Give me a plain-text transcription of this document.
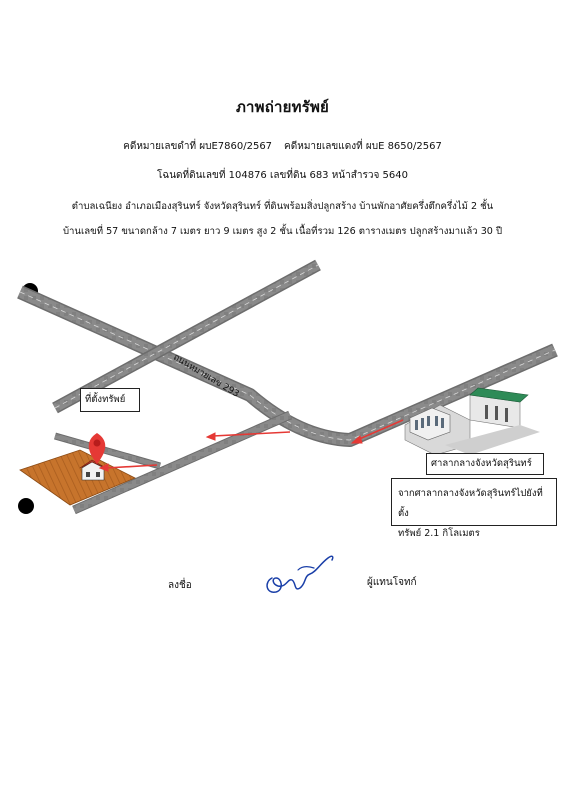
ภาพถ่ายทรัพย์
คดีหมายเลขดำที่ ผบE7860/2567 คดีหมายเลขแดงที่ ผบE 8650/2567
โฉนดที่ดินเลขที่ 104876 เลขที่ดิน 683 หน้าสำรวจ 5640
ตำบลเฉนียง อำเภอเมืองสุรินทร์ จังหวัดสุรินทร์ ที่ดินพร้อมสิ่งปลูกสร้าง บ้านพักอาศัยครึ่งตึกครึ่งไม้ 2 ชั้น
บ้านเลขที่ 57 ขนาดกล้าง 7 เมตร ยาว 9 เมตร สูง 2 ชั้น เนื้อที่รวม 126 ตารางเมตร ปลูกสร้างมาแล้ว 30 ปี
ถนนหมายเลข 293
ที่ตั้งทรัพย์
ศาลากลางจังหวัดสุรินทร์
จากศาลากลางจังหวัดสุรินทร์ไปยังที่ตั้ง
ทรัพย์ 2.1 กิโลเมตร
ลงชื่อ	ผู้แทนโจทก์
